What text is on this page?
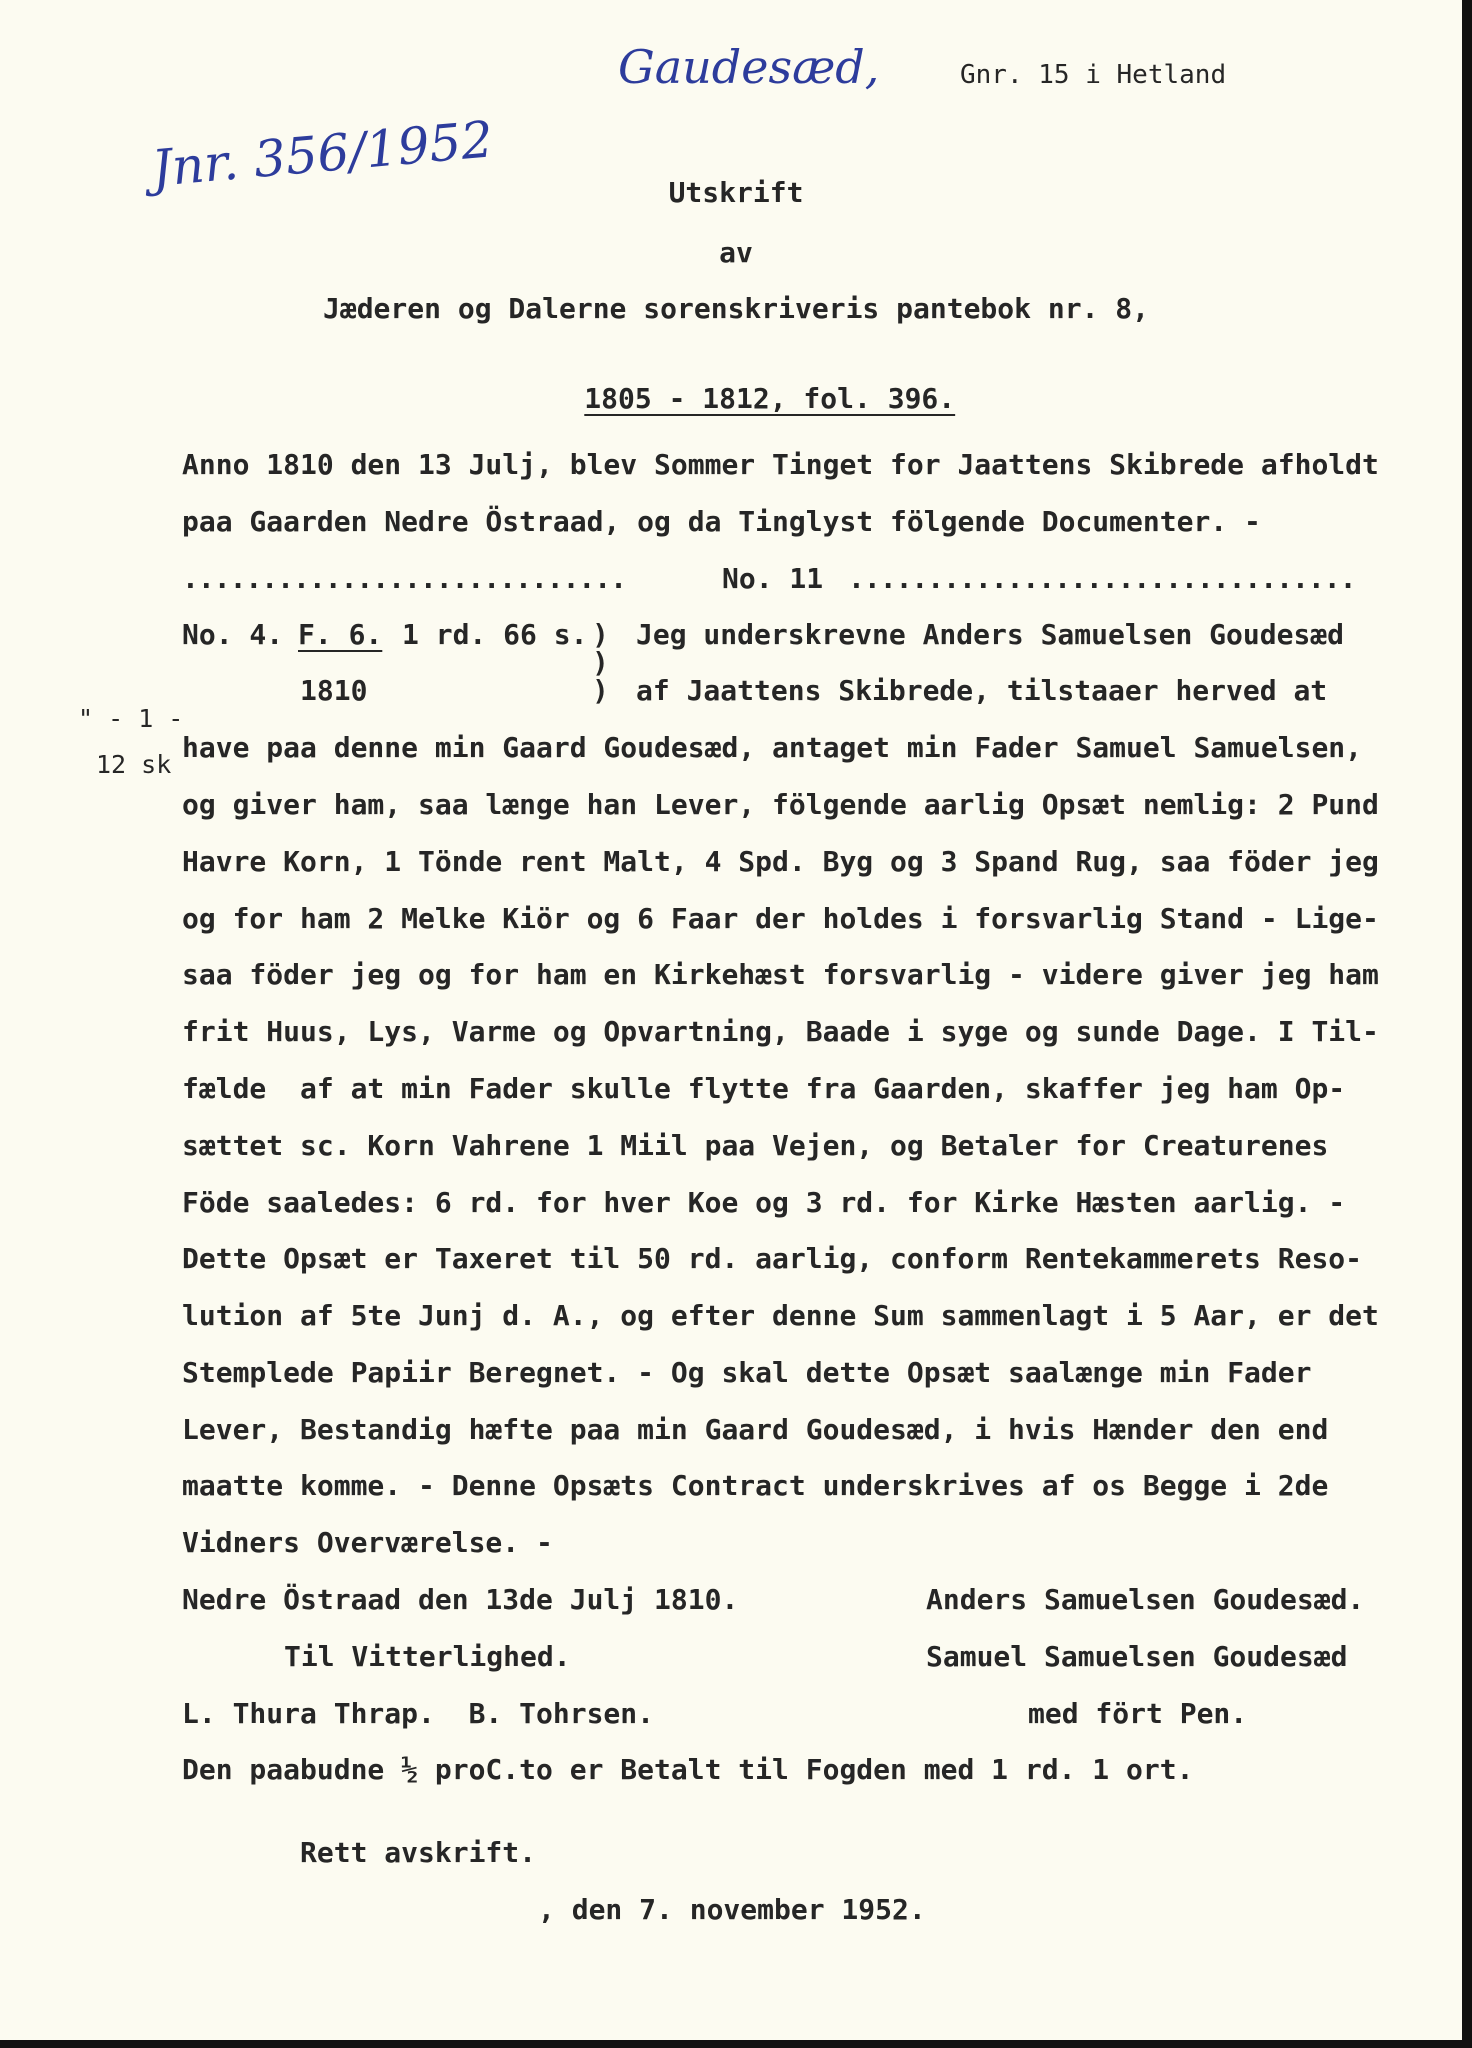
Gaudesæd,	Gnr. 15 i Hetland
Jnr. 356/1952	Utskrift
av
Jæderen og Dalerne sorenskriveris pantebok nr. 8,

1805 - 1812, fol. 396.

Anno 1810 den 13 Julj, blev Sommer Tinget for Jaattens Skibrede afholdt
paa Gaarden Nedre Östraad, og da Tinglyst fölgende Documenter. -
............................	No. 11 ................................
No. 4. F. 6. 1 rd. 66 s.
1810
)
)
)
" - 1 -
12 sk
Jeg underskrevne Anders Samuelsen Goudesæd
af Jaattens Skibrede, tilstaaer herved at
have paa denne min Gaard Goudesæd, antaget min Fader Samuel Samuelsen,
og giver ham, saa længe han Lever, fölgende aarlig Opsæt nemlig: 2 Pund
Havre Korn, 1 Tönde rent Malt, 4 Spd. Byg og 3 Spand Rug, saa föder jeg
og for ham 2 Melke Kiör og 6 Faar der holdes i forsvarlig Stand - Lige-
saa föder jeg og for ham en Kirkehæst forsvarlig - videre giver jeg ham
frit Huus, Lys, Varme og Opvartning, Baade i syge og sunde Dage. I Til-
fælde  af at min Fader skulle flytte fra Gaarden, skaffer jeg ham Op-
sættet sc. Korn Vahrene 1 Miil paa Vejen, og Betaler for Creaturenes
Föde saaledes: 6 rd. for hver Koe og 3 rd. for Kirke Hæsten aarlig. -
Dette Opsæt er Taxeret til 50 rd. aarlig, conform Rentekammerets Reso-
lution af 5te Junj d. A., og efter denne Sum sammenlagt i 5 Aar, er det
Stemplede Papiir Beregnet. - Og skal dette Opsæt saalænge min Fader
Lever, Bestandig hæfte paa min Gaard Goudesæd, i hvis Hænder den end
maatte komme. - Denne Opsæts Contract underskrives af os Begge i 2de
Vidners Overværelse. -
Nedre Östraad den 13de Julj 1810.	Anders Samuelsen Goudesæd.
Til Vitterlighed.	Samuel Samuelsen Goudesæd
L. Thura Thrap.  B. Tohrsen.	med fört Pen.
Den paabudne ½ proC.to er Betalt til Fogden med 1 rd. 1 ort.
Rett avskrift.
, den 7. november 1952.
